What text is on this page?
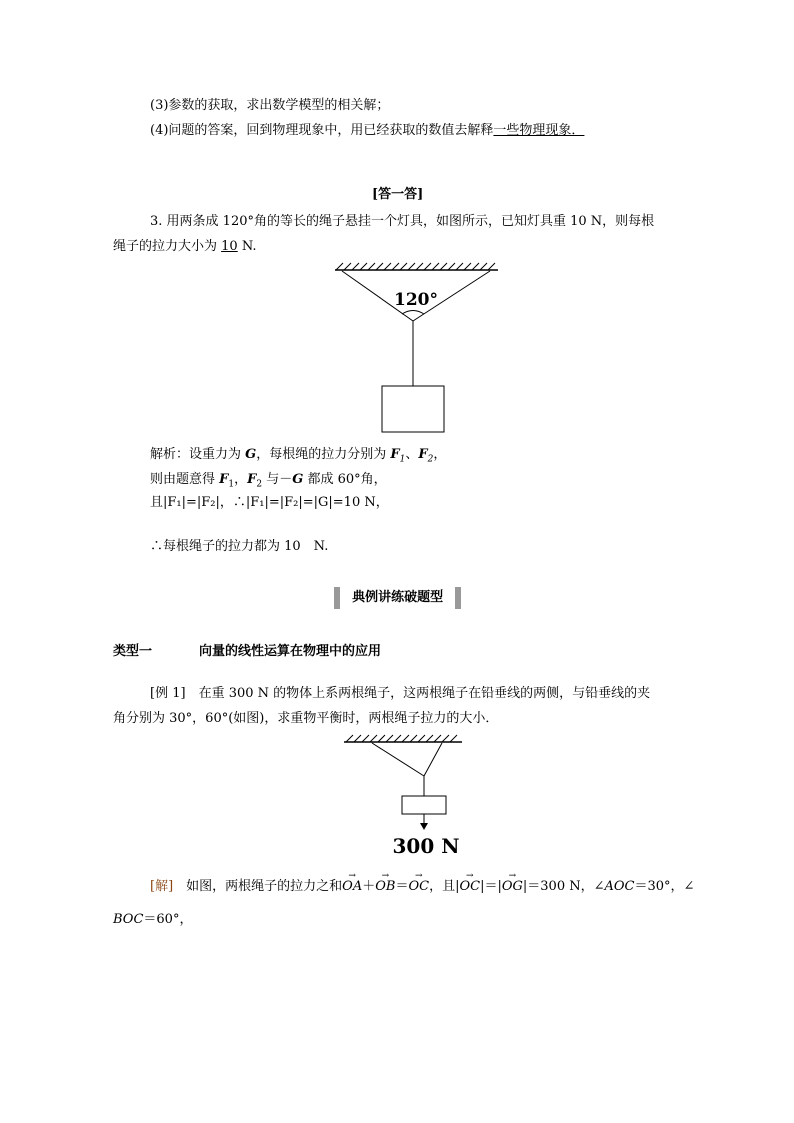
(3)参数的获取，求出数学模型的相关解；
(4)问题的答案，回到物理现象中，用已经获取的数值去解释一些物理现象．
[答一答]
3. 用两条成 120°角的等长的绳子悬挂一个灯具，如图所示，已知灯具重 10 N，则每根
绳子的拉力大小为 10 N.
120°
解析：设重力为 G，每根绳的拉力分别为 $F_1$、$F_2$，
则由题意得 $F_1$，$F_2$ 与－G 都成 60°角，
且|F₁|=|F₂|，∴|F₁|=|F₂|=|G|=10 N，
∴每根绳子的拉力都为 10　N.
典例讲练破题型
类型一	向量的线性运算在物理中的应用
[例 1]　在重 300 N 的物体上系两根绳子，这两根绳子在铅垂线的两侧，与铅垂线的夹
角分别为 30°，60°(如图)，求重物平衡时，两根绳子拉力的大小．
300 N
[解]　如图，两根绳子的拉力之和→ OA＋→ OB＝→ OC，且|→ OC|＝|→ OG|＝300 N，∠AOC＝30°，∠
BOC＝60°，
